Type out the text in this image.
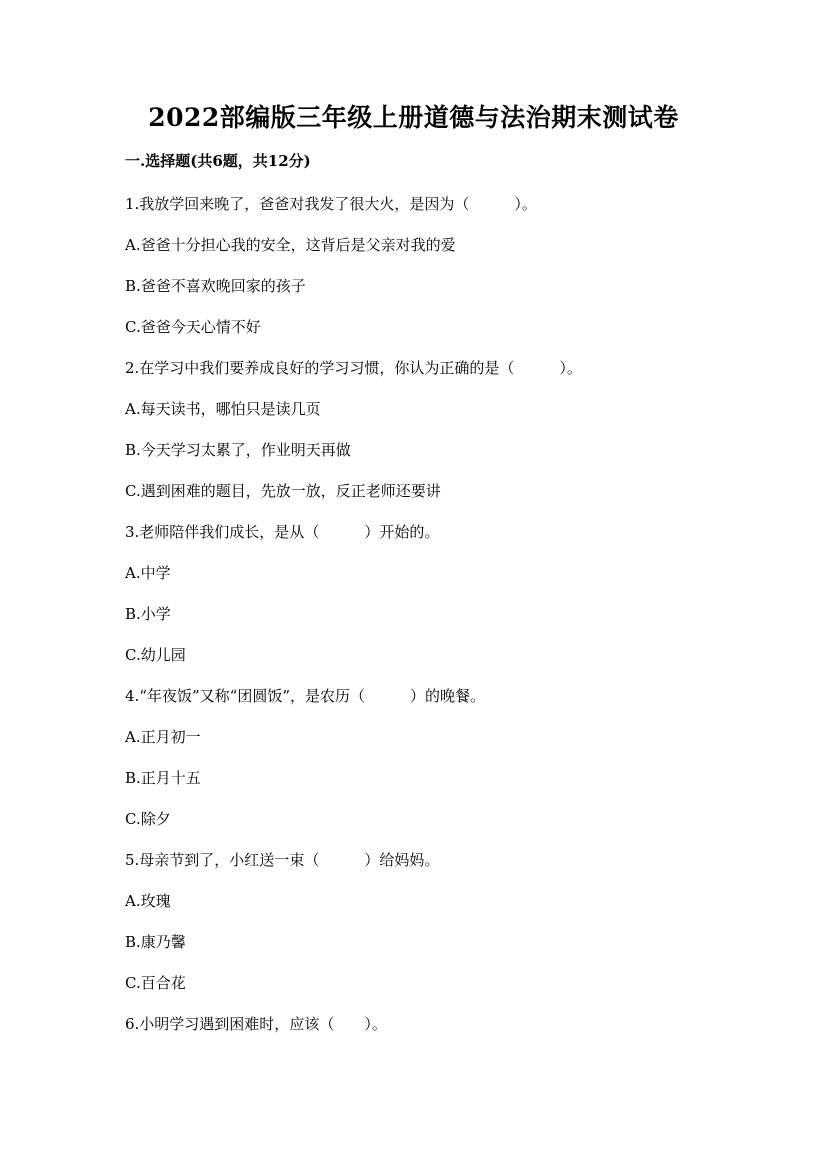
2022部编版三年级上册道德与法治期末测试卷
一.选择题(共6题，共12分)
1.我放学回来晚了，爸爸对我发了很大火，是因为（　　　）。
A.爸爸十分担心我的安全，这背后是父亲对我的爱
B.爸爸不喜欢晚回家的孩子
C.爸爸今天心情不好
2.在学习中我们要养成良好的学习习惯，你认为正确的是（　　　）。
A.每天读书，哪怕只是读几页
B.今天学习太累了，作业明天再做
C.遇到困难的题目，先放一放，反正老师还要讲
3.老师陪伴我们成长，是从（　　　）开始的。
A.中学
B.小学
C.幼儿园
4.“年夜饭”又称“团圆饭”，是农历（　　　）的晚餐。
A.正月初一
B.正月十五
C.除夕
5.母亲节到了，小红送一束（　　　）给妈妈。
A.玫瑰
B.康乃馨
C.百合花
6.小明学习遇到困难时，应该（　　）。
